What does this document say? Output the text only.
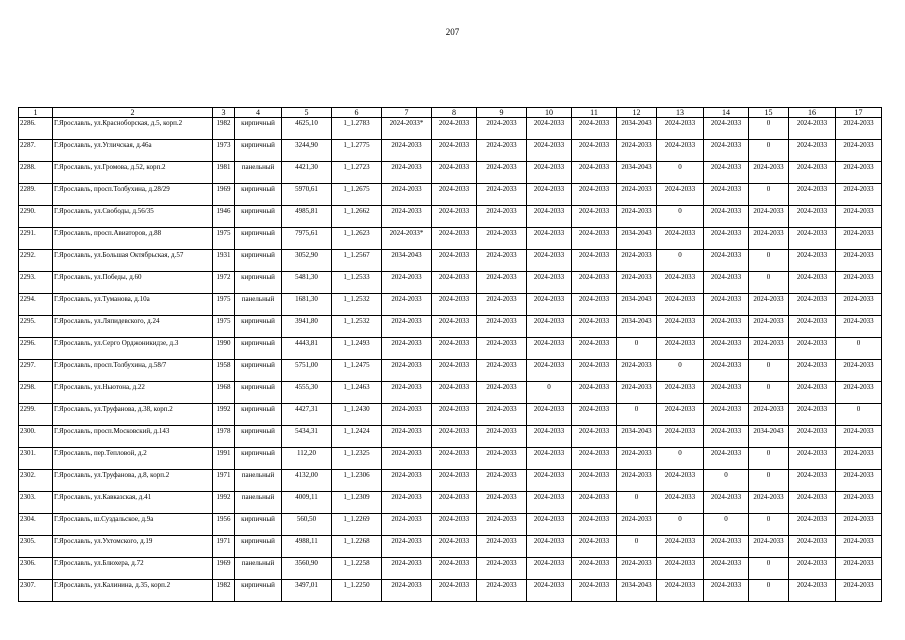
207
1	2	3	4	5	6	7	8	9	10	11	12	13	14	15	16	17
2286.	Г.Ярославль, ул.Красноборская, д.5, корп.2	1982	кирпичный	4625,10	1_1.2783	2024-2033*	2024-2033	2024-2033	2024-2033	2024-2033	2034-2043	2024-2033	2024-2033	0	2024-2033	2024-2033
2287.	Г.Ярославль, ул.Угличская, д.46а	1973	кирпичный	3244,90	1_1.2775	2024-2033	2024-2033	2024-2033	2024-2033	2024-2033	2024-2033	2024-2033	2024-2033	0	2024-2033	2024-2033
2288.	Г.Ярославль, ул.Громова, д.52, корп.2	1981	панельный	4421,30	1_1.2723	2024-2033	2024-2033	2024-2033	2024-2033	2024-2033	2034-2043	0	2024-2033	2024-2033	2024-2033	2024-2033
2289.	Г.Ярославль, просп.Толбухина, д.28/29	1969	кирпичный	5970,61	1_1.2675	2024-2033	2024-2033	2024-2033	2024-2033	2024-2033	2024-2033	2024-2033	2024-2033	0	2024-2033	2024-2033
2290.	Г.Ярославль, ул.Свободы, д.56/35	1946	кирпичный	4985,81	1_1.2662	2024-2033	2024-2033	2024-2033	2024-2033	2024-2033	2024-2033	0	2024-2033	2024-2033	2024-2033	2024-2033
2291.	Г.Ярославль, просп.Авиаторов, д.88	1975	кирпичный	7975,61	1_1.2623	2024-2033*	2024-2033	2024-2033	2024-2033	2024-2033	2034-2043	2024-2033	2024-2033	2024-2033	2024-2033	2024-2033
2292.	Г.Ярославль, ул.Большая Октябрьская, д.57	1931	кирпичный	3052,90	1_1.2567	2034-2043	2024-2033	2024-2033	2024-2033	2024-2033	2024-2033	0	2024-2033	0	2024-2033	2024-2033
2293.	Г.Ярославль, ул.Победы, д.60	1972	кирпичный	5481,30	1_1.2533	2024-2033	2024-2033	2024-2033	2024-2033	2024-2033	2024-2033	2024-2033	2024-2033	0	2024-2033	2024-2033
2294.	Г.Ярославль, ул.Туманова, д.10а	1975	панельный	1681,30	1_1.2532	2024-2033	2024-2033	2024-2033	2024-2033	2024-2033	2034-2043	2024-2033	2024-2033	2024-2033	2024-2033	2024-2033
2295.	Г.Ярославль, ул.Ляпидевского, д.24	1975	кирпичный	3941,80	1_1.2532	2024-2033	2024-2033	2024-2033	2024-2033	2024-2033	2034-2043	2024-2033	2024-2033	2024-2033	2024-2033	2024-2033
2296.	Г.Ярославль, ул.Серго Орджоникидзе, д.3	1990	кирпичный	4443,81	1_1.2493	2024-2033	2024-2033	2024-2033	2024-2033	2024-2033	0	2024-2033	2024-2033	2024-2033	2024-2033	0
2297.	Г.Ярославль, просп.Толбухина, д.58/7	1958	кирпичный	5751,00	1_1.2475	2024-2033	2024-2033	2024-2033	2024-2033	2024-2033	2024-2033	0	2024-2033	0	2024-2033	2024-2033
2298.	Г.Ярославль, ул.Ньютона, д.22	1968	кирпичный	4555,30	1_1.2463	2024-2033	2024-2033	2024-2033	0	2024-2033	2024-2033	2024-2033	2024-2033	0	2024-2033	2024-2033
2299.	Г.Ярославль, ул.Труфанова, д.38, корп.2	1992	кирпичный	4427,31	1_1.2430	2024-2033	2024-2033	2024-2033	2024-2033	2024-2033	0	2024-2033	2024-2033	2024-2033	2024-2033	0
2300.	Г.Ярославль, просп.Московский, д.143	1978	кирпичный	5434,31	1_1.2424	2024-2033	2024-2033	2024-2033	2024-2033	2024-2033	2034-2043	2024-2033	2024-2033	2034-2043	2024-2033	2024-2033
2301.	Г.Ярославль, пер.Тепловой, д.2	1991	кирпичный	112,20	1_1.2325	2024-2033	2024-2033	2024-2033	2024-2033	2024-2033	2024-2033	0	2024-2033	0	2024-2033	2024-2033
2302.	Г.Ярославль, ул.Труфанова, д.8, корп.2	1971	панельный	4132,00	1_1.2306	2024-2033	2024-2033	2024-2033	2024-2033	2024-2033	2024-2033	2024-2033	0	0	2024-2033	2024-2033
2303.	Г.Ярославль, ул.Кавказская, д.41	1992	панельный	4009,11	1_1.2309	2024-2033	2024-2033	2024-2033	2024-2033	2024-2033	0	2024-2033	2024-2033	2024-2033	2024-2033	2024-2033
2304.	Г.Ярославль, ш.Суздальское, д.9а	1956	кирпичный	560,50	1_1.2269	2024-2033	2024-2033	2024-2033	2024-2033	2024-2033	2024-2033	0	0	0	2024-2033	2024-2033
2305.	Г.Ярославль, ул.Ухтомского, д.19	1971	кирпичный	4988,11	1_1.2268	2024-2033	2024-2033	2024-2033	2024-2033	2024-2033	0	2024-2033	2024-2033	2024-2033	2024-2033	2024-2033
2306.	Г.Ярославль, ул.Блюхера, д.72	1969	панельный	3560,90	1_1.2258	2024-2033	2024-2033	2024-2033	2024-2033	2024-2033	2024-2033	2024-2033	2024-2033	0	2024-2033	2024-2033
2307.	Г.Ярославль, ул.Калинина, д.35, корп.2	1982	кирпичный	3497,01	1_1.2250	2024-2033	2024-2033	2024-2033	2024-2033	2024-2033	2034-2043	2024-2033	2024-2033	0	2024-2033	2024-2033
